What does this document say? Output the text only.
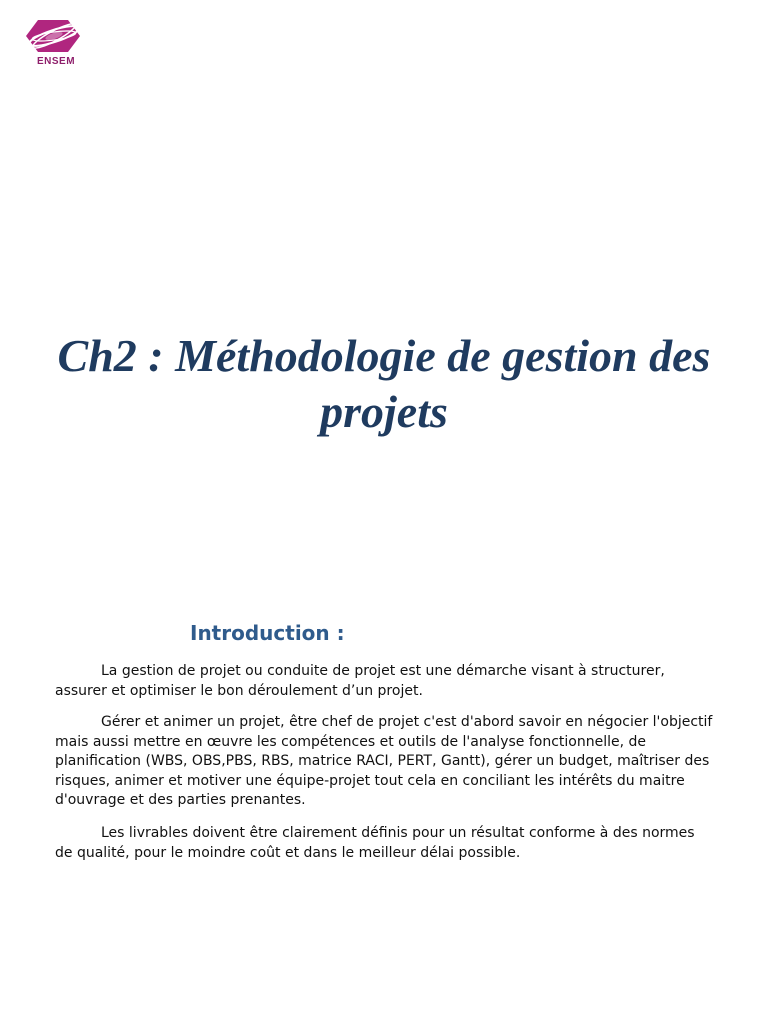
ENSEM
Ch2 : Méthodologie de gestion des projets
Introduction :

La gestion de projet ou conduite de projet est une démarche visant à structurer, assurer et optimiser le bon déroulement d’un projet.

Gérer et animer un projet, être chef de projet c'est d'abord savoir en négocier l'objectif mais aussi mettre en œuvre les compétences et outils de l'analyse fonctionnelle, de planification (WBS, OBS,PBS, RBS, matrice RACI, PERT, Gantt), gérer un budget, maîtriser des risques, animer et motiver une équipe-projet tout cela en conciliant les intérêts du maitre d'ouvrage et des parties prenantes.

Les livrables doivent être clairement définis pour un résultat conforme à des normes de qualité, pour le moindre coût et dans le meilleur délai possible.
